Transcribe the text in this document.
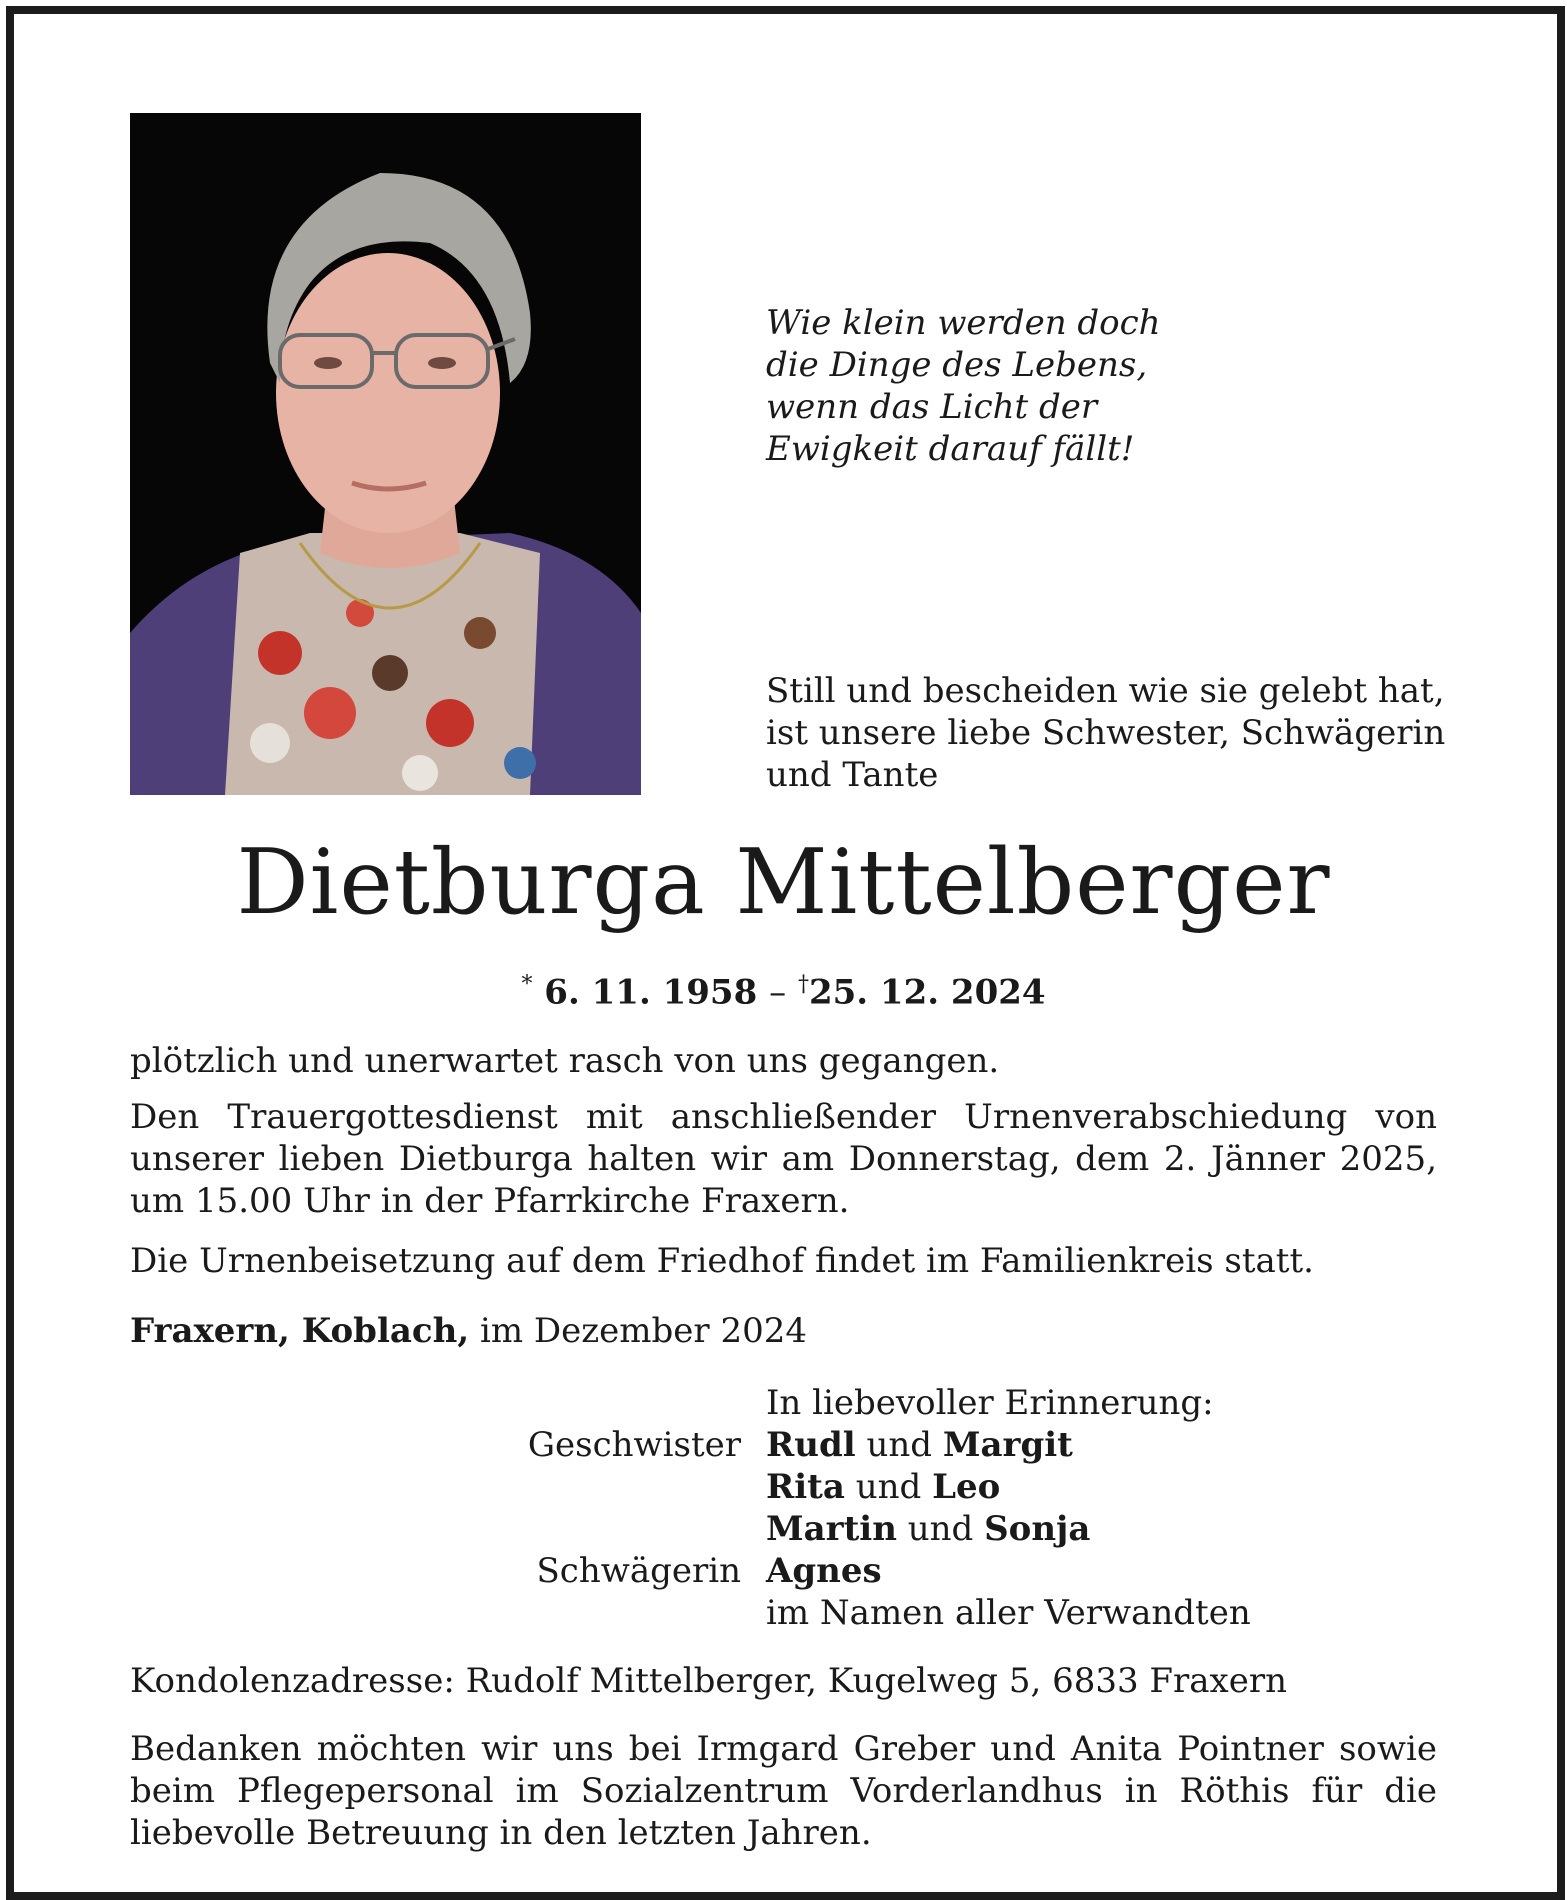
Wie klein werden doch
die Dinge des Lebens,
wenn das Licht der
Ewigkeit darauf fällt!
Still und bescheiden wie sie gelebt hat,
ist unsere liebe Schwester, Schwägerin
und Tante
Dietburga Mittelberger
* 6. 11. 1958 – †25. 12. 2024
plötzlich und unerwartet rasch von uns gegangen.
Den Trauergottesdienst mit anschließender Urnenverabschiedung von unserer lieben Dietburga halten wir am Donnerstag, dem 2. Jänner 2025, um 15.00 Uhr in der Pfarrkirche Fraxern.
Die Urnenbeisetzung auf dem Friedhof findet im Familienkreis statt.
Fraxern, Koblach, im Dezember 2024
In liebevoller Erinnerung:
Geschwister Rudl und Margit
Rita und Leo
Martin und Sonja
Schwägerin Agnes
im Namen aller Verwandten
Kondolenzadresse: Rudolf Mittelberger, Kugelweg 5, 6833 Fraxern
Bedanken möchten wir uns bei Irmgard Greber und Anita Pointner sowie beim Pflegepersonal im Sozialzentrum Vorderlandhus in Röthis für die liebevolle Betreuung in den letzten Jahren.
